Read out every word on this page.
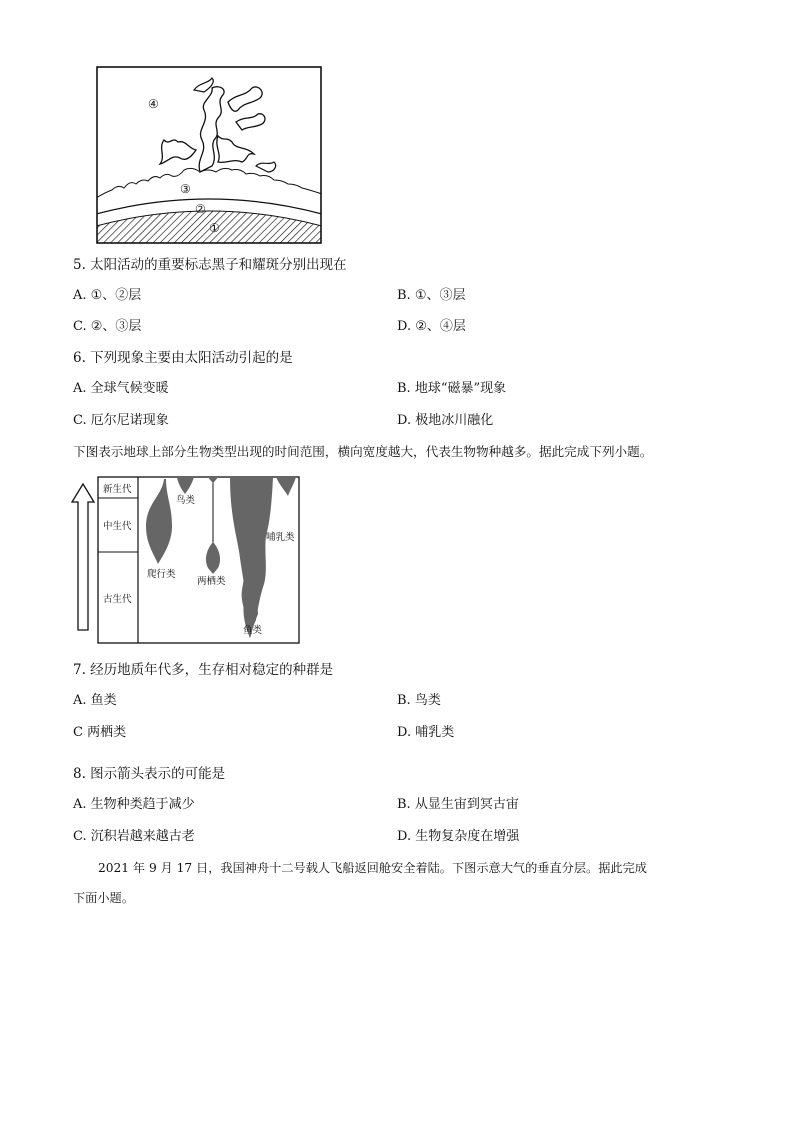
④
③
②
①
5. 太阳活动的重要标志黑子和耀斑分别出现在
A. ①、②层	B. ①、③层
C. ②、③层	D. ②、④层
6. 下列现象主要由太阳活动引起的是
A. 全球气候变暖	B. 地球“磁暴”现象
C. 厄尔尼诺现象	D. 极地冰川融化
下图表示地球上部分生物类型出现的时间范围，横向宽度越大，代表生物物种越多。据此完成下列小题。
新生代
中生代
古生代
鸟类
哺乳类
爬行类
两栖类
鱼类
7. 经历地质年代多，生存相对稳定的种群是
A. 鱼类	B. 鸟类
C 两栖类	D. 哺乳类
8. 图示箭头表示的可能是
A. 生物种类趋于减少	B. 从显生宙到冥古宙
C. 沉积岩越来越古老	D. 生物复杂度在增强
2021 年 9 月 17 日，我国神舟十二号载人飞船返回舱安全着陆。下图示意大气的垂直分层。据此完成
下面小题。
